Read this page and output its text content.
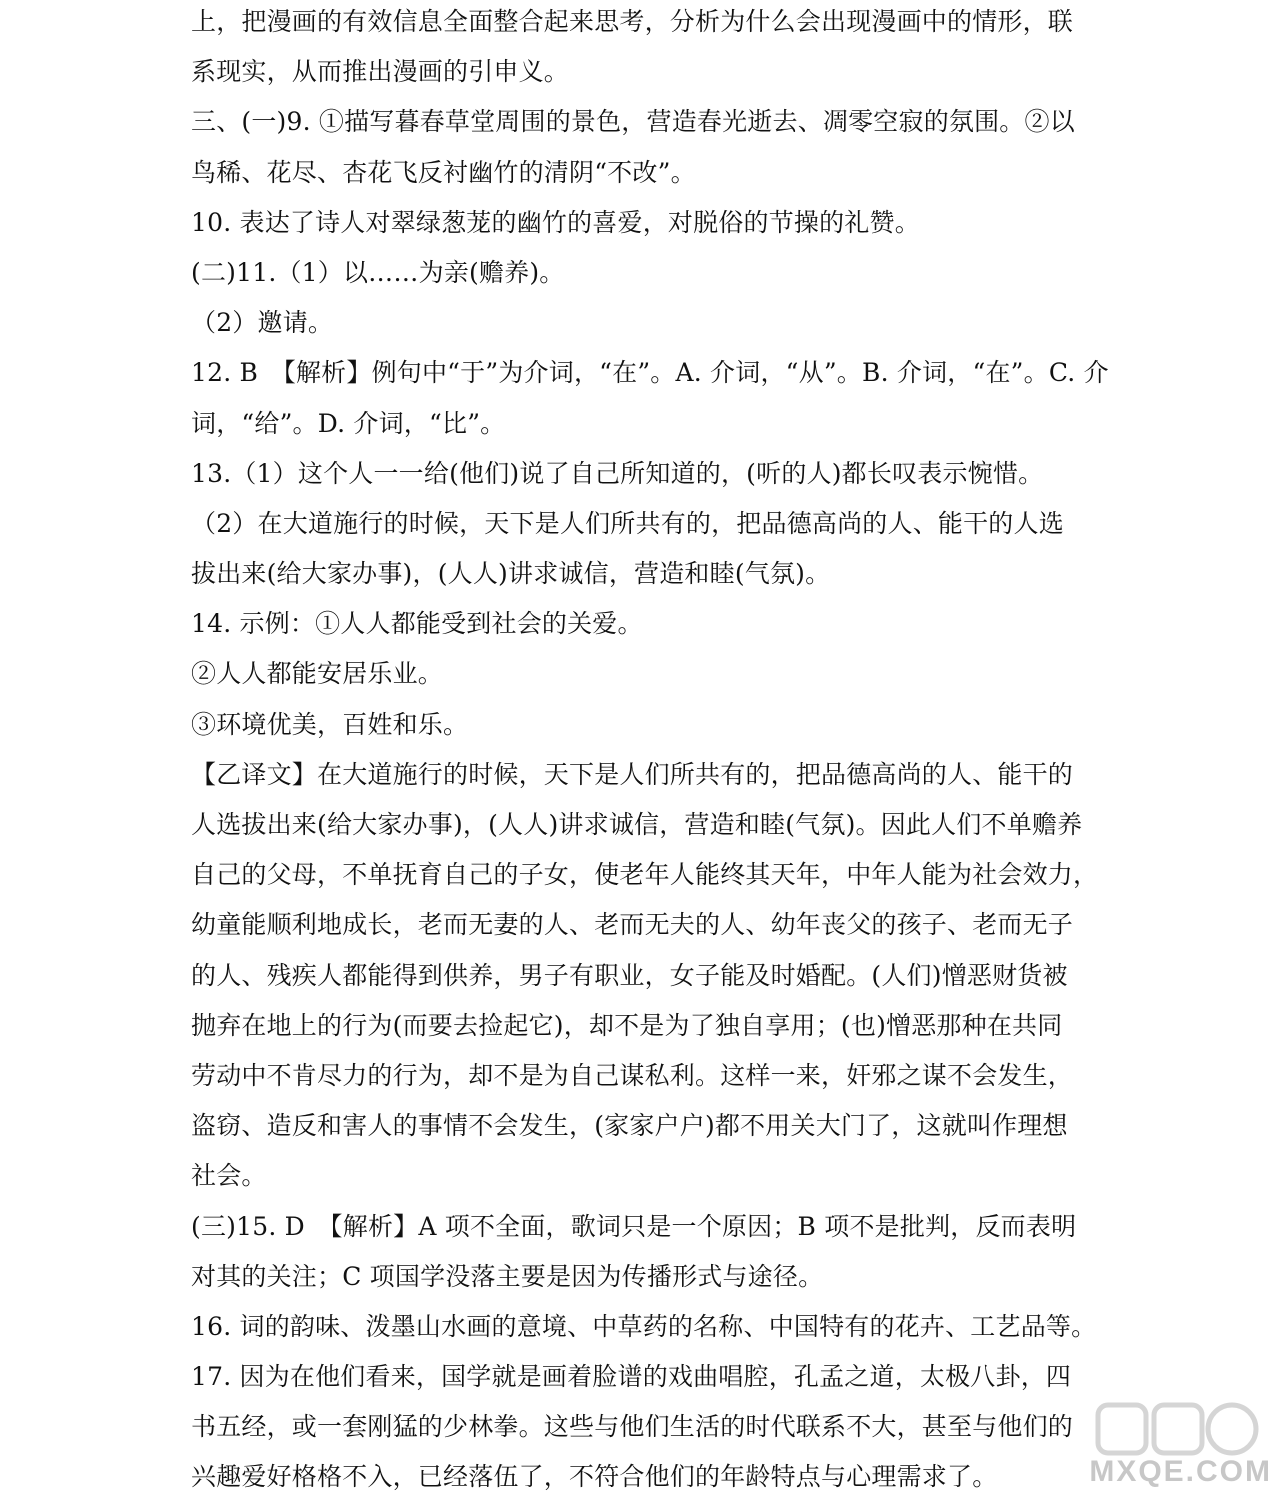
上，把漫画的有效信息全面整合起来思考，分析为什么会出现漫画中的情形，联
系现实，从而推出漫画的引申义。
三、(一)9. ①描写暮春草堂周围的景色，营造春光逝去、凋零空寂的氛围。②以
鸟稀、花尽、杏花飞反衬幽竹的清阴“不改”。
10. 表达了诗人对翠绿葱茏的幽竹的喜爱，对脱俗的节操的礼赞。
(二)11.（1）以……为亲(赡养)。
（2）邀请。
12. B　【解析】例句中“于”为介词，“在”。A. 介词，“从”。B. 介词，“在”。C. 介
词，“给”。D. 介词，“比”。
13.（1）这个人一一给(他们)说了自己所知道的，(听的人)都长叹表示惋惜。
（2）在大道施行的时候，天下是人们所共有的，把品德高尚的人、能干的人选
拔出来(给大家办事)，(人人)讲求诚信，营造和睦(气氛)。
14. 示例：①人人都能受到社会的关爱。
②人人都能安居乐业。
③环境优美，百姓和乐。
【乙译文】在大道施行的时候，天下是人们所共有的，把品德高尚的人、能干的
人选拔出来(给大家办事)，(人人)讲求诚信，营造和睦(气氛)。因此人们不单赡养
自己的父母，不单抚育自己的子女，使老年人能终其天年，中年人能为社会效力，
幼童能顺利地成长，老而无妻的人、老而无夫的人、幼年丧父的孩子、老而无子
的人、残疾人都能得到供养，男子有职业，女子能及时婚配。(人们)憎恶财货被
抛弃在地上的行为(而要去捡起它)，却不是为了独自享用；(也)憎恶那种在共同
劳动中不肯尽力的行为，却不是为自己谋私利。这样一来，奸邪之谋不会发生，
盗窃、造反和害人的事情不会发生，(家家户户)都不用关大门了，这就叫作理想
社会。
(三)15. D　【解析】A 项不全面，歌词只是一个原因；B 项不是批判，反而表明
对其的关注；C 项国学没落主要是因为传播形式与途径。
16. 词的韵味、泼墨山水画的意境、中草药的名称、中国特有的花卉、工艺品等。
17. 因为在他们看来，国学就是画着脸谱的戏曲唱腔，孔孟之道，太极八卦，四
书五经，或一套刚猛的少林拳。这些与他们生活的时代联系不大，甚至与他们的
兴趣爱好格格不入，已经落伍了，不符合他们的年龄特点与心理需求了。	MXQE.COM
